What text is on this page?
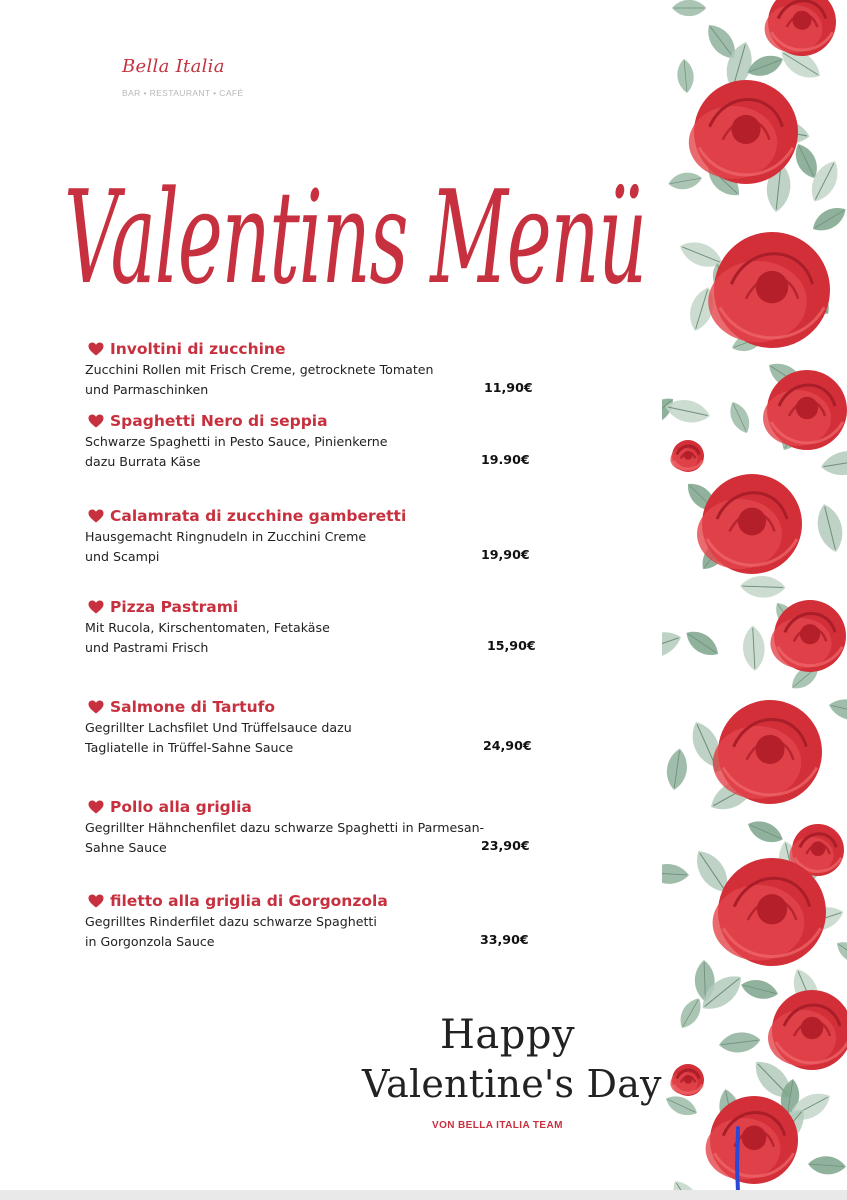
Bella Italia
BAR • RESTAURANT • CAFÉ
Valentins Menü
Involtini di zucchine
Zucchini Rollen mit Frisch Creme, getrocknete Tomaten
und Parmaschinken	11,90€
Spaghetti Nero di seppia
Schwarze Spaghetti in Pesto Sauce, Pinienkerne
dazu Burrata Käse	19.90€
Calamrata di zucchine gamberetti
Hausgemacht Ringnudeln in Zucchini Creme
und Scampi	19,90€
Pizza Pastrami
Mit Rucola, Kirschentomaten, Fetakäse
und Pastrami Frisch	15,90€
Salmone di Tartufo
Gegrillter Lachsfilet Und Trüffelsauce dazu
Tagliatelle in Trüffel-Sahne Sauce	24,90€
Pollo alla griglia
Gegrillter Hähnchenfilet dazu schwarze Spaghetti in Parmesan-
Sahne Sauce	23,90€
filetto alla griglia di Gorgonzola
Gegrilltes Rinderfilet dazu schwarze Spaghetti
in Gorgonzola Sauce	33,90€
Happy
Valentine's Day
VON BELLA ITALIA TEAM
